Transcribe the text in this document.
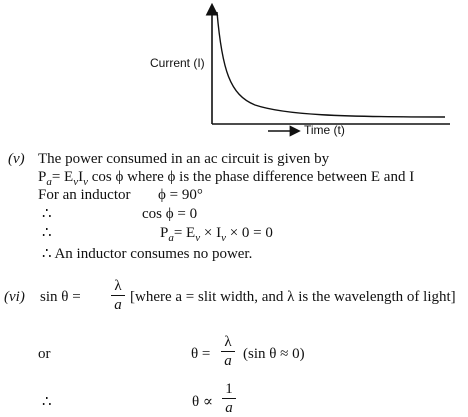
Current (I)
Time (t)
(v) The power consumed in an ac circuit is given by
$P_a= E_vI_v$ cos ϕ where ϕ is the phase difference between E and I
For an inductor ϕ = 90°
∴	cos ϕ = 0
∴	$P_a= E_v \times I_v \times 0 = 0$
∴ An inductor consumes no power.
(vi) sin θ =
λ
a [where a = slit width, and λ is the wavelength of light]
or	θ =
λ
a (sin θ ≈ 0)
∴	θ ∝
1
a
